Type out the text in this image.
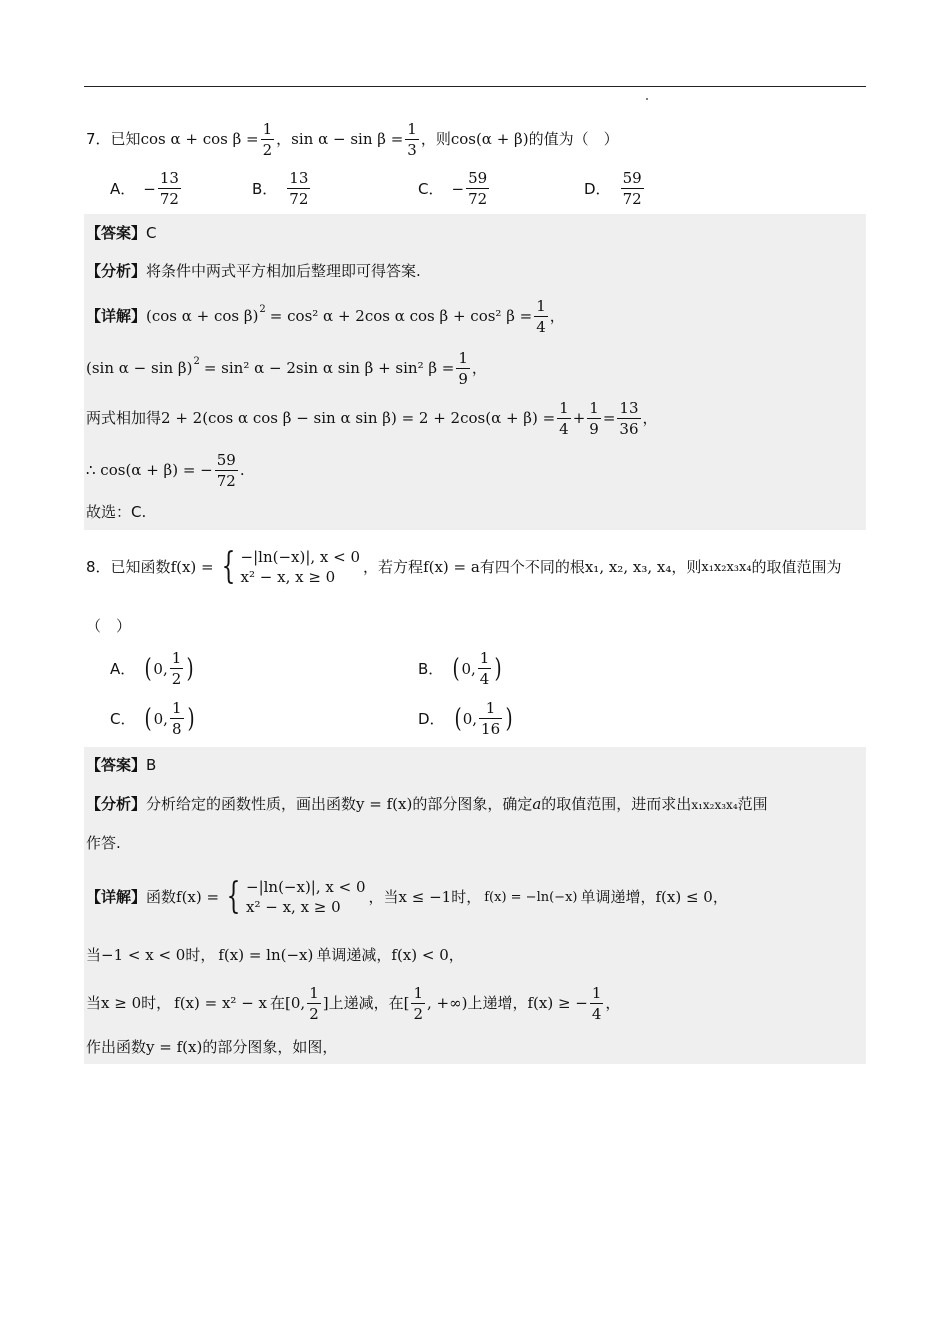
7． 已知 $\cos \alpha + \cos \beta = \frac{1}{2}$ ， $\sin \alpha - \sin \beta = \frac{1}{3}$ ，则 cos(α + β) 的值为（　）
A． − $\frac{13}{72}$	B． $\frac{13}{72}$	C． − $\frac{59}{72}$	D． $\frac{59}{72}$
【答案】 C
【分析】 将条件中两式平方相加后整理即可得答案.
【详解】 (cos α + cos β) 2 = cos² α + 2cos α cos β + cos² $\beta = \frac{1}{4}$ ，
(sin α − sin β) 2 = sin² α − 2sin α sin β + sin² $\beta = \frac{1}{9}$ ，
两式相加得 2 + 2(cos α cos β − sin α $\sin \beta) = 2 + 2\cos(\alpha + \beta) = \frac{1}{4} + \frac{1}{9} = \frac{13}{36}$ ，
∴ cos(α + β) = − $\frac{59}{72}$ .
故选：C.
8． 已知函数 f(x) = { −|ln(−x)|, x < 0
x² − x, x ≥ 0
，若方程 f(x) = a 有四个不同的根 x₁, x₂, x₃, x₄ ，则 x₁x₂x₃x₄ 的取值范围为
（　）
A． ( 0, $\frac{1}{2}$ )	B． ( 0, $\frac{1}{4}$ )
C． ( 0, $\frac{1}{8}$ )	D． ( 0, $\frac{1}{16}$ )
【答案】 B
【分析】 分析给定的函数性质，画出函数 y = f(x) 的部分图象，确定 a 的取值范围，进而求出 x₁x₂x₃x₄ 范围
作答.
【详解】 函数 f(x) = { −|ln(−x)|, x < 0
x² − x, x ≥ 0
，当 x ≤ −1 时， f(x) = −ln(−x) 单调递增， f(x) ≤ 0 ，
当 −1 < x < 0 时， f(x) = ln(−x) 单调递减， f(x) < 0 ，
当 x ≥ 0 时， f(x) = x² − x 在 [0, $\frac{1}{2}$ ] 上递减，在 [ $\frac{1}{2}$ , +∞) 上递增， f(x) ≥ − $\frac{1}{4}$ ，
作出函数 y = f(x) 的部分图象，如图，
